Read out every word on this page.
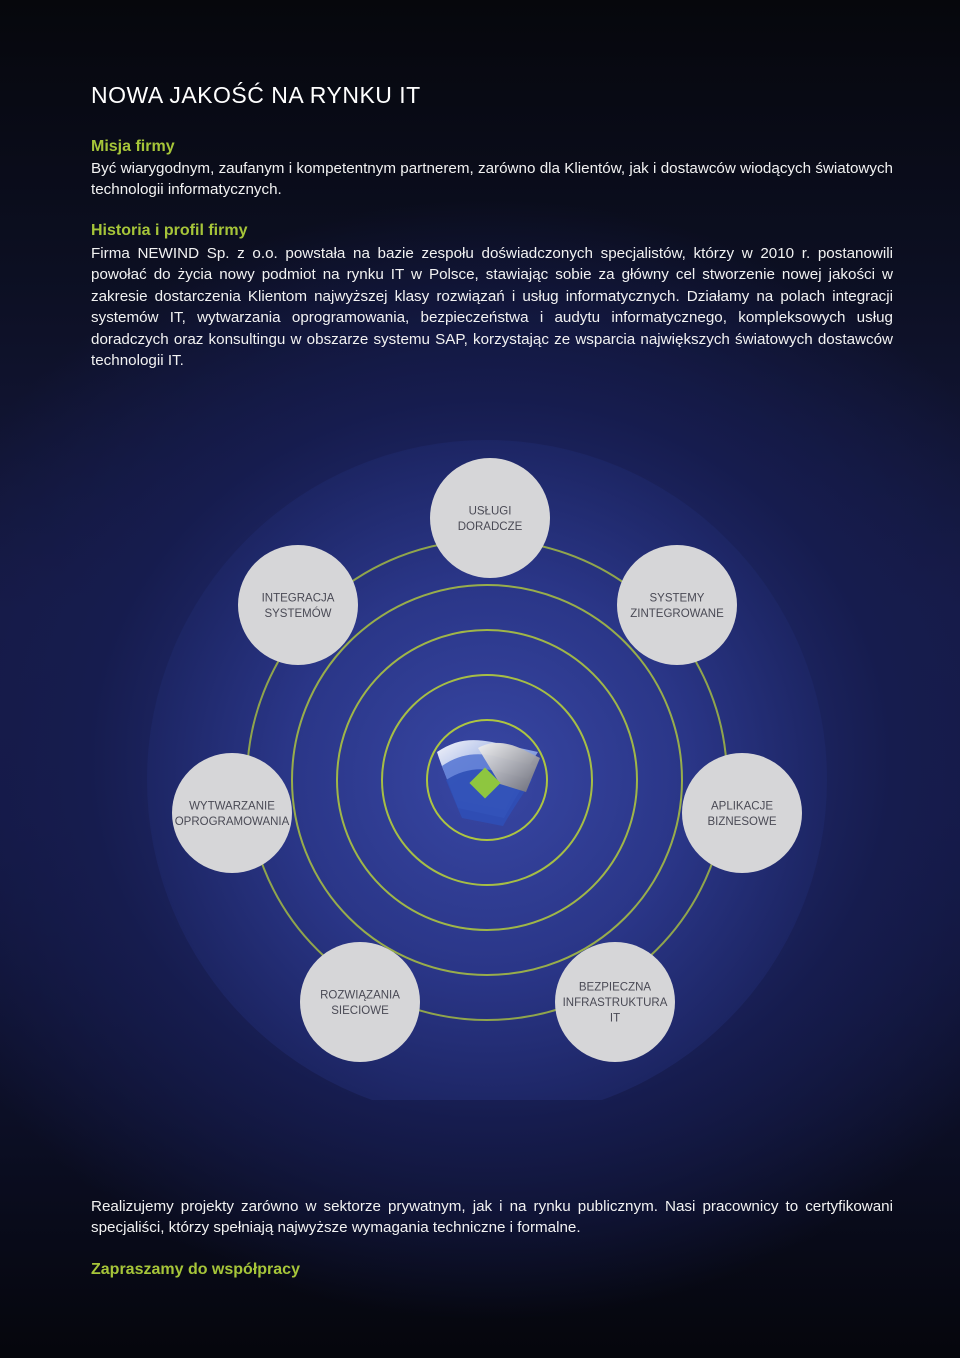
NOWA JAKOŚĆ NA RYNKU IT
Misja firmy

Być wiarygodnym, zaufanym i kompetentnym partnerem, zarówno dla Klientów, jak i dostawców wiodących światowych technologii informatycznych.

Historia i profil firmy

Firma NEWIND Sp. z o.o. powstała na bazie zespołu doświadczonych specjalistów, którzy w 2010 r. postanowili powołać do życia nowy podmiot na rynku IT w Polsce, stawiając sobie za główny cel stworzenie nowej jakości w zakresie dostarczenia Klientom najwyższej klasy rozwiązań i usług informatycznych. Działamy na polach integracji systemów IT, wytwarzania oprogramowania, bezpieczeństwa i audytu informatycznego, kompleksowych usług doradczych oraz konsultingu w obszarze systemu SAP, korzystając ze wsparcia największych światowych dostawców technologii IT.

USŁUGI
DORADCZE
SYSTEMY
ZINTEGROWANE
APLIKACJE
BIZNESOWE
BEZPIECZNA
INFRASTRUKTURA
IT
ROZWIĄZANIA
SIECIOWE
WYTWARZANIE
OPROGRAMOWANIA
INTEGRACJA
SYSTEMÓW

Realizujemy projekty zarówno w sektorze prywatnym, jak i na rynku publicznym. Nasi pracownicy to certyfikowani specjaliści, którzy spełniają najwyższe wymagania techniczne i formalne.

Zapraszamy do współpracy
